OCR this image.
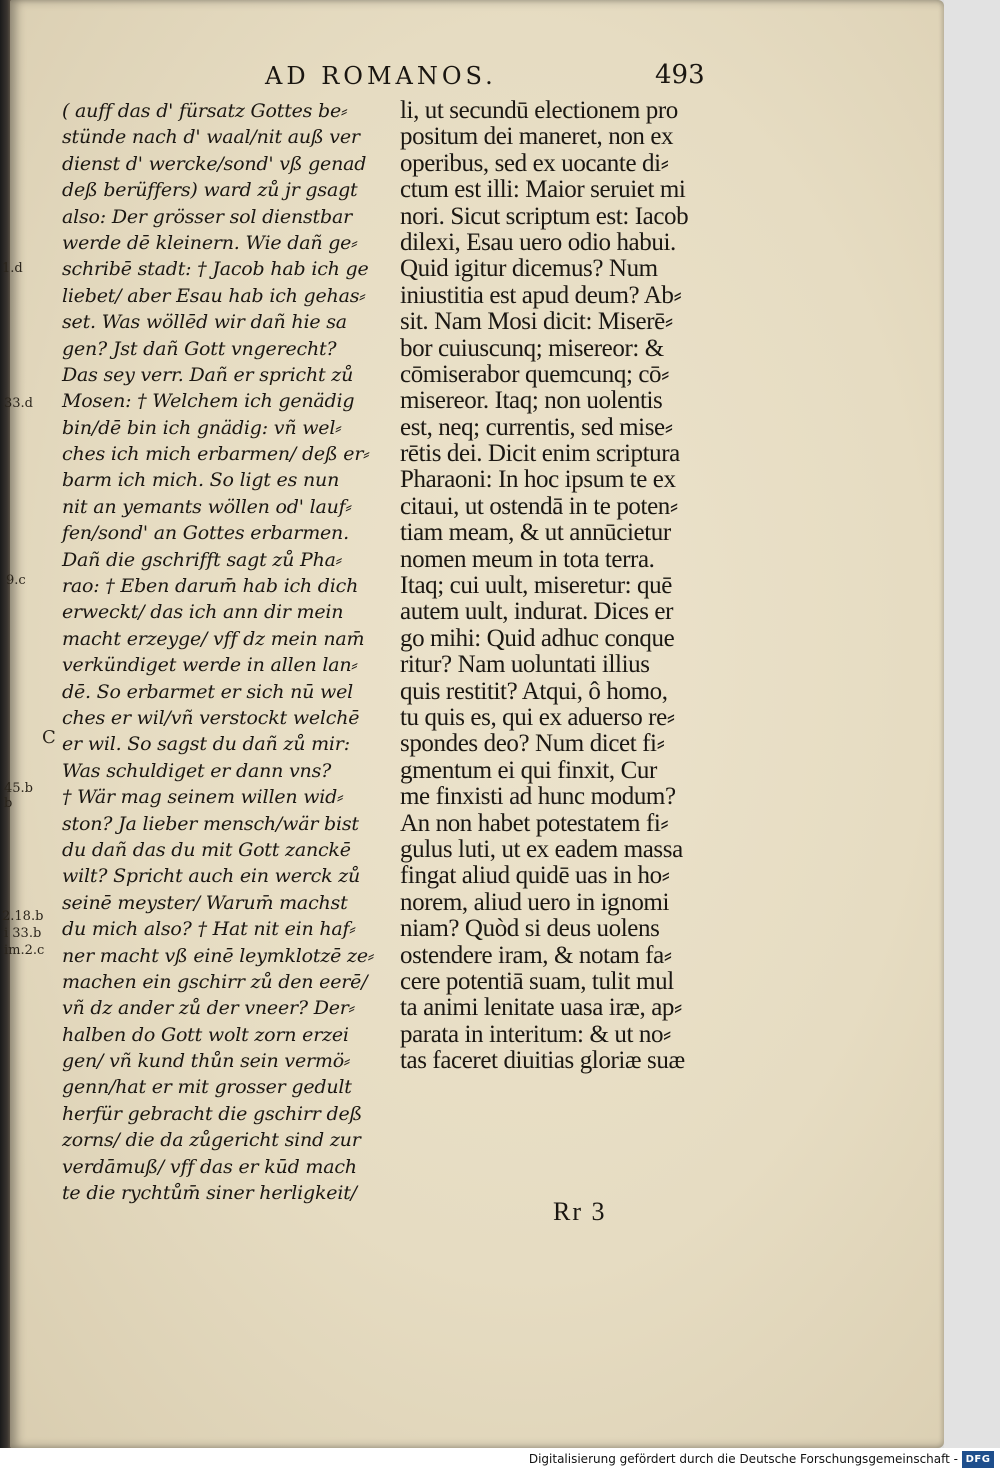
AD ROMANOS.	493
1.d
33.d
9.c
C
45.b
b
2.18.b
i 33.b
im.2.c
( auff das d' fürsatz Gottes be⸗
stünde nach d' waal/nit auß ver
dienst d' wercke/sond' vß genad
deß berüffers) ward zů jr gsagt
also: Der grösser sol dienstbar
werde dē kleinern. Wie dañ ge⸗
schribē stadt: † Jacob hab ich ge
liebet/ aber Esau hab ich gehas⸗
set. Was wöllēd wir dañ hie sa
gen? Jst dañ Gott vngerecht?
Das sey verr. Dañ er spricht zů
Mosen: † Welchem ich genädig
bin/dē bin ich gnädig: vñ wel⸗
ches ich mich erbarmen/ deß er⸗
barm ich mich. So ligt es nun
nit an yemants wöllen od' lauf⸗
fen/sond' an Gottes erbarmen.
Dañ die gschrifft sagt zů Pha⸗
rao: † Eben darum̄ hab ich dich
erweckt/ das ich ann dir mein
macht erzeyge/ vff dz mein nam̄
verkündiget werde in allen lan⸗
dē. So erbarmet er sich nū wel
ches er wil/vñ verstockt welchē
er wil. So sagst du dañ zů mir:
Was schuldiget er dann vns?
† Wär mag seinem willen wid⸗
ston? Ja lieber mensch/wär bist
du dañ das du mit Gott zanckē
wilt? Spricht auch ein werck zů
seinē meyster/ Warum̄ machst
du mich also? † Hat nit ein haf⸗
ner macht vß einē leymklotzē ze⸗
machen ein gschirr zů den eerē/
vñ dz ander zů der vneer? Der⸗
halben do Gott wolt zorn erzei
gen/ vñ kund thůn sein vermö⸗
genn/hat er mit grosser gedult
herfür gebracht die gschirr deß
zorns/ die da zůgericht sind zur
verdāmuß/ vff das er kūd mach
te die rychtům̄ siner herligkeit/
li, ut secundū electionem pro
positum dei maneret, non ex
operibus, sed ex uocante di⸗
ctum est illi: Maior seruiet mi
nori. Sicut scriptum est: Iacob
dilexi, Esau uero odio habui.
Quid igitur dicemus? Num
iniustitia est apud deum? Ab⸗
sit. Nam Mosi dicit: Miserē⸗
bor cuiuscunq; misereor: &
cōmiserabor quemcunq; cō⸗
misereor. Itaq; non uolentis
est, neq; currentis, sed mise⸗
rētis dei. Dicit enim scriptura
Pharaoni: In hoc ipsum te ex
citaui, ut ostendā in te poten⸗
tiam meam, & ut annūcietur
nomen meum in tota terra.
Itaq; cui uult, miseretur: quē
autem uult, indurat. Dices er
go mihi: Quid adhuc conque
ritur? Nam uoluntati illius
quis restitit? Atqui, ô homo,
tu quis es, qui ex aduerso re⸗
spondes deo? Num dicet fi⸗
gmentum ei qui finxit, Cur
me finxisti ad hunc modum?
An non habet potestatem fi⸗
gulus luti, ut ex eadem massa
fingat aliud quidē uas in ho⸗
norem, aliud uero in ignomi
niam? Quòd si deus uolens
ostendere iram, & notam fa⸗
cere potentiā suam, tulit mul
ta animi lenitate uasa iræ, ap⸗
parata in interitum: & ut no⸗
tas faceret diuitias gloriæ suæ
Rr 3
Digitalisierung gefördert durch die Deutsche Forschungsgemeinschaft - DFG
